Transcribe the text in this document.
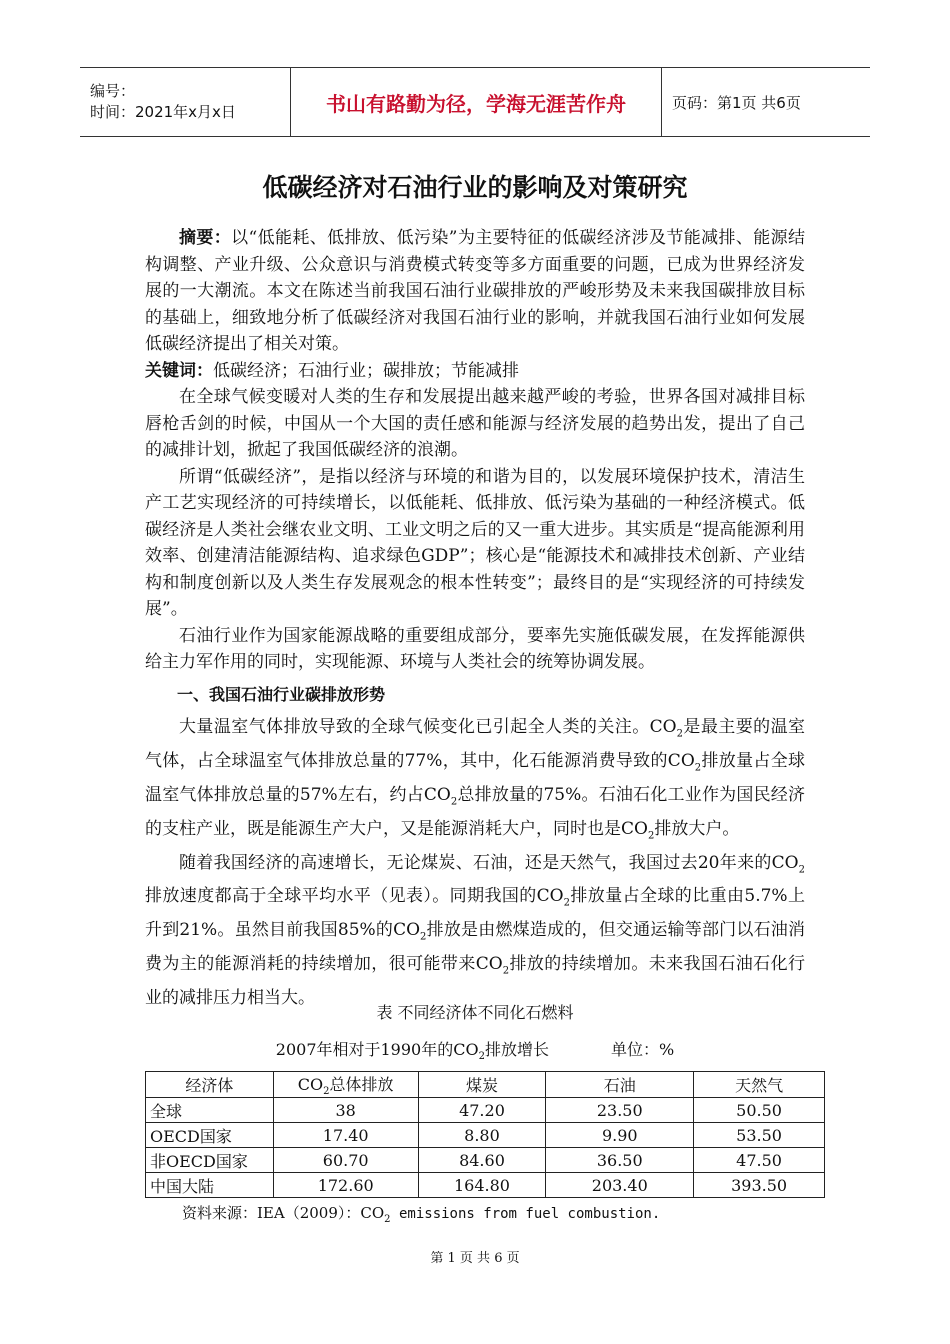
编号：
时间：2021年x月x日	书山有路勤为径，学海无涯苦作舟	页码：第1页 共6页
低碳经济对石油行业的影响及对策研究

摘要：以“低能耗、低排放、低污染”为主要特征的低碳经济涉及节能减排、能源结构调整、产业升级、公众意识与消费模式转变等多方面重要的问题，已成为世界经济发展的一大潮流。本文在陈述当前我国石油行业碳排放的严峻形势及未来我国碳排放目标的基础上，细致地分析了低碳经济对我国石油行业的影响，并就我国石油行业如何发展低碳经济提出了相关对策。

关键词：低碳经济；石油行业；碳排放；节能减排

在全球气候变暖对人类的生存和发展提出越来越严峻的考验，世界各国对减排目标唇枪舌剑的时候，中国从一个大国的责任感和能源与经济发展的趋势出发，提出了自己的减排计划，掀起了我国低碳经济的浪潮。

所谓“低碳经济”，是指以经济与环境的和谐为目的，以发展环境保护技术，清洁生产工艺实现经济的可持续增长，以低能耗、低排放、低污染为基础的一种经济模式。低碳经济是人类社会继农业文明、工业文明之后的又一重大进步。其实质是“提高能源利用效率、创建清洁能源结构、追求绿色GDP”；核心是“能源技术和减排技术创新、产业结构和制度创新以及人类生存发展观念的根本性转变”；最终目的是“实现经济的可持续发展”。

石油行业作为国家能源战略的重要组成部分，要率先实施低碳发展，在发挥能源供给主力军作用的同时，实现能源、环境与人类社会的统筹协调发展。

一、我国石油行业碳排放形势

大量温室气体排放导致的全球气候变化已引起全人类的关注。$CO_2$是最主要的温室气体，占全球温室气体排放总量的77%，其中，化石能源消费导致的$CO_2$排放量占全球温室气体排放总量的57%左右，约占$CO_2$总排放量的75%。石油石化工业作为国民经济的支柱产业，既是能源生产大户，又是能源消耗大户，同时也是$CO_2$排放大户。

随着我国经济的高速增长，无论煤炭、石油，还是天然气，我国过去20年来的$CO_2$排放速度都高于全球平均水平（见表）。同期我国的$CO_2$排放量占全球的比重由5.7%上升到21%。虽然目前我国85%的$CO_2$排放是由燃煤造成的，但交通运输等部门以石油消费为主的能源消耗的持续增加，很可能带来$CO_2$排放的持续增加。未来我国石油石化行业的减排压力相当大。

表 不同经济体不同化石燃料
2007年相对于1990年的$CO_2$排放增长	单位：%
经济体	$CO_2$总体排放	煤炭	石油	天然气
全球	38	47.20	23.50	50.50
OECD国家	17.40	8.80	9.90	53.50
非OECD国家	60.70	84.60	36.50	47.50
中国大陆	172.60	164.80	203.40	393.50
资料来源：IEA（2009）：$CO_2$ emissions from fuel combustion.
第 1 页 共 6 页
